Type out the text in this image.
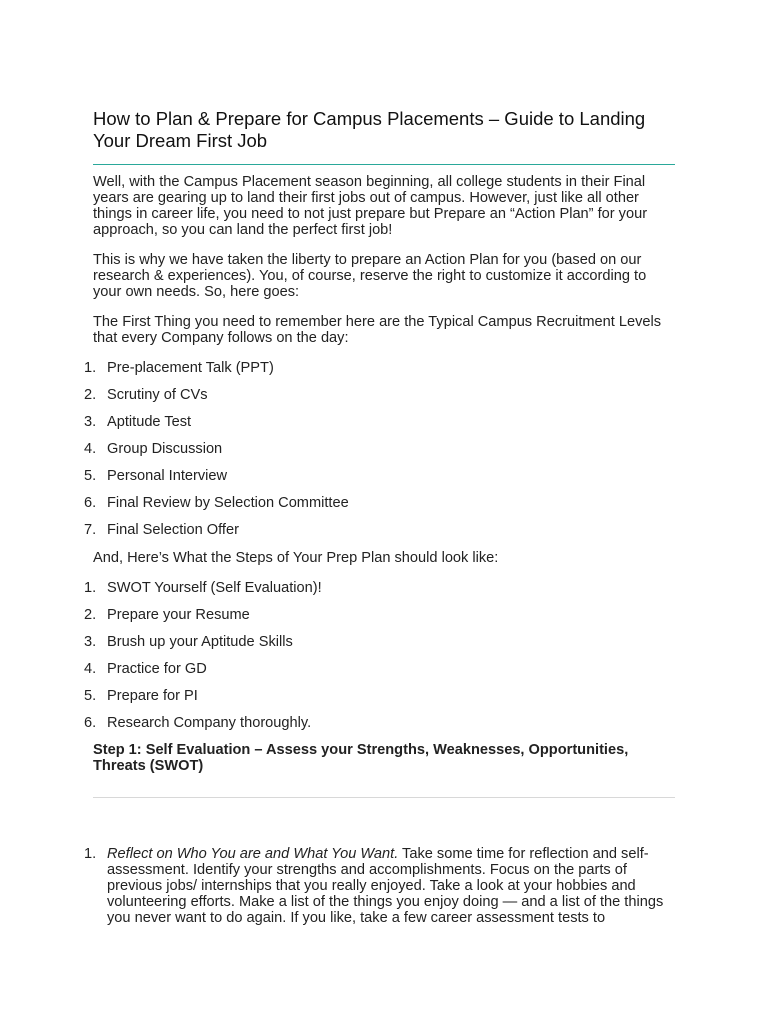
How to Plan & Prepare for Campus Placements – Guide to Landing Your Dream First Job

Well, with the Campus Placement season beginning, all college students in their Final years are gearing up to land their first jobs out of campus. However, just like all other things in career life, you need to not just prepare but Prepare an “Action Plan” for your approach, so you can land the perfect first job!

This is why we have taken the liberty to prepare an Action Plan for you (based on our research & experiences). You, of course, reserve the right to customize it according to your own needs. So, here goes:

The First Thing you need to remember here are the Typical Campus Recruitment Levels that every Company follows on the day:

1. Pre-placement Talk (PPT)
2. Scrutiny of CVs
3. Aptitude Test
4. Group Discussion
5. Personal Interview
6. Final Review by Selection Committee
7. Final Selection Offer

And, Here’s What the Steps of Your Prep Plan should look like:

1. SWOT Yourself (Self Evaluation)!
2. Prepare your Resume
3. Brush up your Aptitude Skills
4. Practice for GD
5. Prepare for PI
6. Research Company thoroughly.

Step 1: Self Evaluation – Assess your Strengths, Weaknesses, Opportunities, Threats (SWOT)

1. Reflect on Who You are and What You Want. Take some time for reflection and self-assessment. Identify your strengths and accomplishments. Focus on the parts of previous jobs/ internships that you really enjoyed. Take a look at your hobbies and volunteering efforts. Make a list of the things you enjoy doing — and a list of the things you never want to do again. If you like, take a few career assessment tests to
